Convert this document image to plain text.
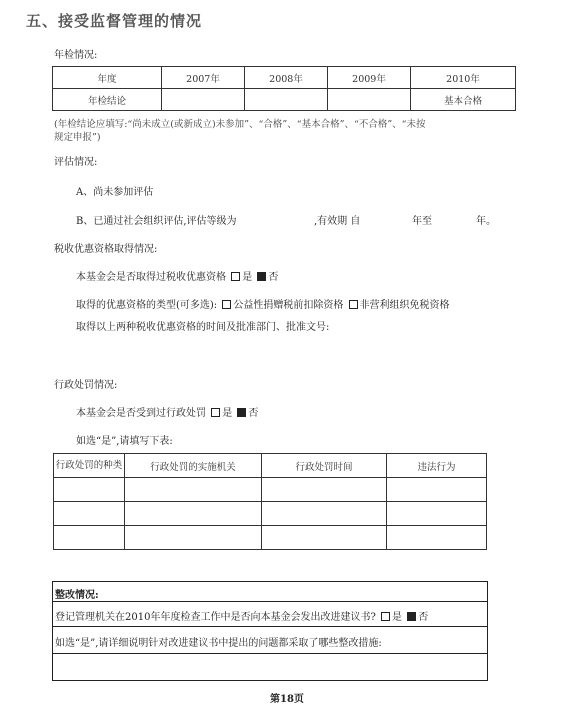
五、接受监督管理的情况
年检情况:
年度	2007年	2008年	2009年	2010年
年检结论				基本合格
(年检结论应填写:“尚未成立(或新成立)未参加”、“合格”、“基本合格”、“不合格”、“未按
规定申报”)
评估情况:
A、尚未参加评估
B、已通过社会组织评估,评估等级为	,有效期 自	年至	年。
税收优惠资格取得情况:
本基金会是否取得过税收优惠资格 是 否
取得的优惠资格的类型(可多选): 公益性捐赠税前扣除资格 非营利组织免税资格
取得以上两种税收优惠资格的时间及批准部门、批准文号:
行政处罚情况:
本基金会是否受到过行政处罚 是 否
如选“是”,请填写下表:
行政处罚的种类	行政处罚的实施机关	行政处罚时间	违法行为

整改情况:
登记管理机关在2010年年度检查工作中是否向本基金会发出改进建议书? 是 否
如选“是”,请详细说明针对改进建议书中提出的问题都采取了哪些整改措施:
第18页
